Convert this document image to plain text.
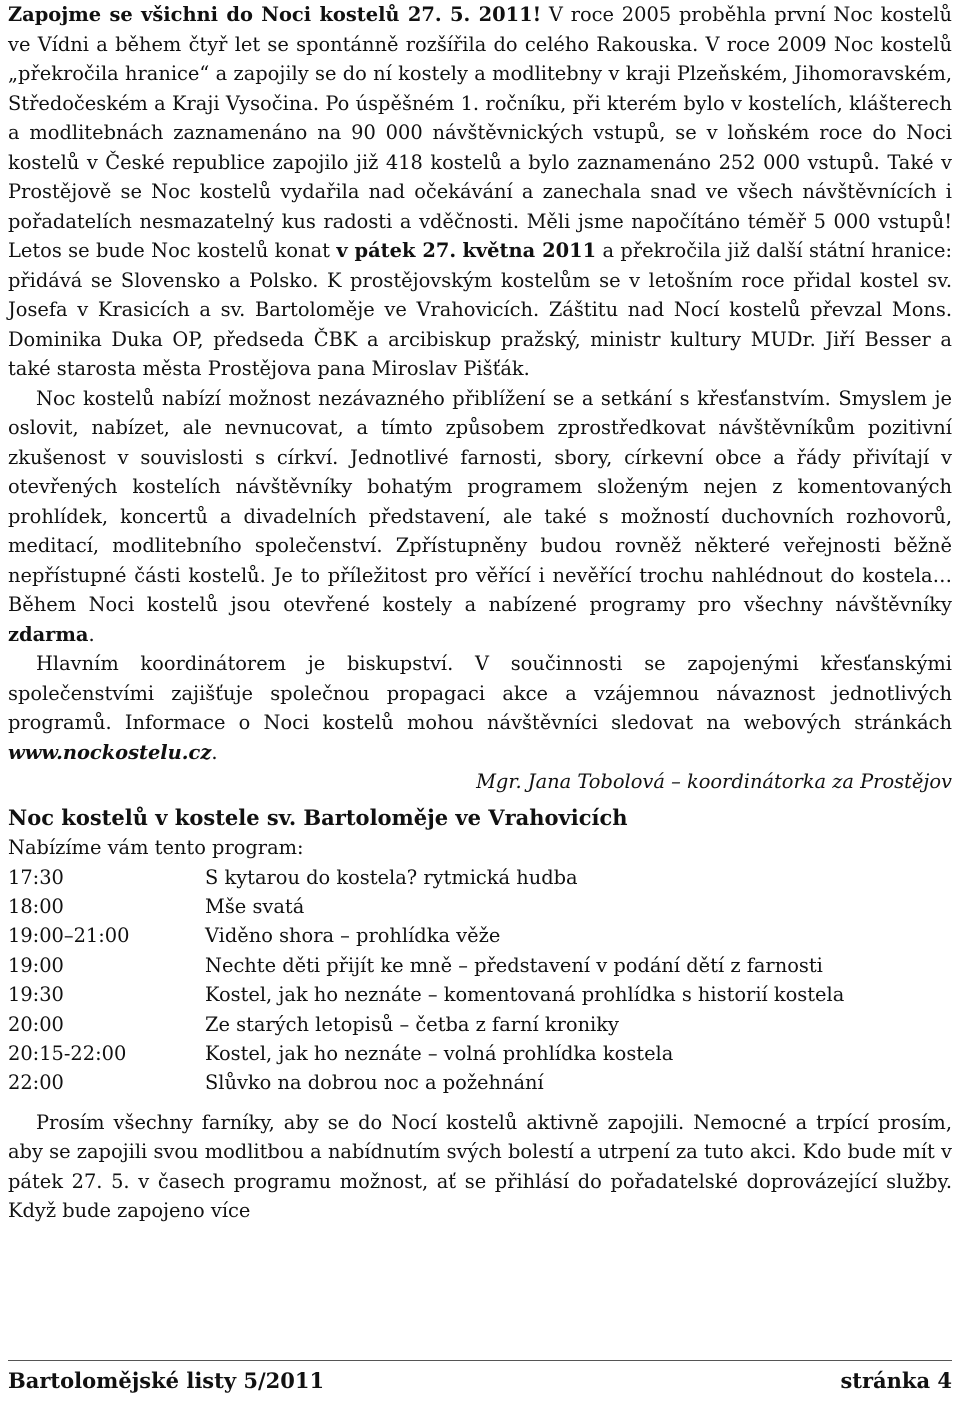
Zapojme se všichni do Noci kostelů 27. 5. 2011! V roce 2005 proběhla první Noc kostelů ve Vídni a během čtyř let se spontánně rozšířila do celého Rakouska. V roce 2009 Noc kostelů „překročila hranice“ a zapojily se do ní kostely a modlitebny v kraji Plzeňském, Jihomoravském, Středočeském a Kraji Vysočina. Po úspěšném 1. ročníku, při kterém bylo v kostelích, klášterech a modlitebnách zaznamenáno na 90 000 návštěvnických vstupů, se v loňském roce do Noci kostelů v České republice zapojilo již 418 kostelů a bylo zaznamenáno 252 000 vstupů. Také v Prostějově se Noc kostelů vydařila nad očekávání a zanechala snad ve všech návštěvnících i pořadatelích nesmazatelný kus radosti a vděčnosti. Měli jsme napočítáno téměř 5 000 vstupů! Letos se bude Noc kostelů konat v pátek 27. května 2011 a překročila již další státní hranice: přidává se Slovensko a Polsko. K prostějovským kostelům se v letošním roce přidal kostel sv. Josefa v Krasicích a sv. Bartoloměje ve Vrahovicích. Záštitu nad Nocí kostelů převzal Mons. Dominika Duka OP, předseda ČBK a arcibiskup pražský, ministr kultury MUDr. Jiří Besser a také starosta města Prostějova pana Miroslav Pišťák.

Noc kostelů nabízí možnost nezávazného přiblížení se a setkání s křesťanstvím. Smyslem je oslovit, nabízet, ale nevnucovat, a tímto způsobem zprostředkovat návštěvníkům pozitivní zkušenost v souvislosti s církví. Jednotlivé farnosti, sbory, církevní obce a řády přivítají v otevřených kostelích návštěvníky bohatým programem složeným nejen z komentovaných prohlídek, koncertů a divadelních představení, ale také s možností duchovních rozhovorů, meditací, modlitebního společenství. Zpřístupněny budou rovněž některé veřejnosti běžně nepřístupné části kostelů. Je to příležitost pro věřící i nevěřící trochu nahlédnout do kostela… Během Noci kostelů jsou otevřené kostely a nabízené programy pro všechny návštěvníky zdarma.

Hlavním koordinátorem je biskupství. V součinnosti se zapojenými křesťanskými společenstvími zajišťuje společnou propagaci akce a vzájemnou návaznost jednotlivých programů. Informace o Noci kostelů mohou návštěvníci sledovat na webových stránkách www.nockostelu.cz.

Mgr. Jana Tobolová – koordinátorka za Prostějov

Noc kostelů v kostele sv. Bartoloměje ve Vrahovicích
Nabízíme vám tento program:
17:30	S kytarou do kostela? rytmická hudba
18:00	Mše svatá
19:00–21:00	Viděno shora – prohlídka věže
19:00	Nechte děti přijít ke mně – představení v podání dětí z farnosti
19:30	Kostel, jak ho neznáte – komentovaná prohlídka s historií kostela
20:00	Ze starých letopisů – četba z farní kroniky
20:15-22:00	Kostel, jak ho neznáte – volná prohlídka kostela
22:00	Slůvko na dobrou noc a požehnání

Prosím všechny farníky, aby se do Nocí kostelů aktivně zapojili. Nemocné a trpící prosím, aby se zapojili svou modlitbou a nabídnutím svých bolestí a utrpení za tuto akci. Kdo bude mít v pátek 27. 5. v časech programu možnost, ať se přihlásí do pořadatelské doprovázející služby. Když bude zapojeno více

Bartolomějské listy 5/2011	stránka 4
